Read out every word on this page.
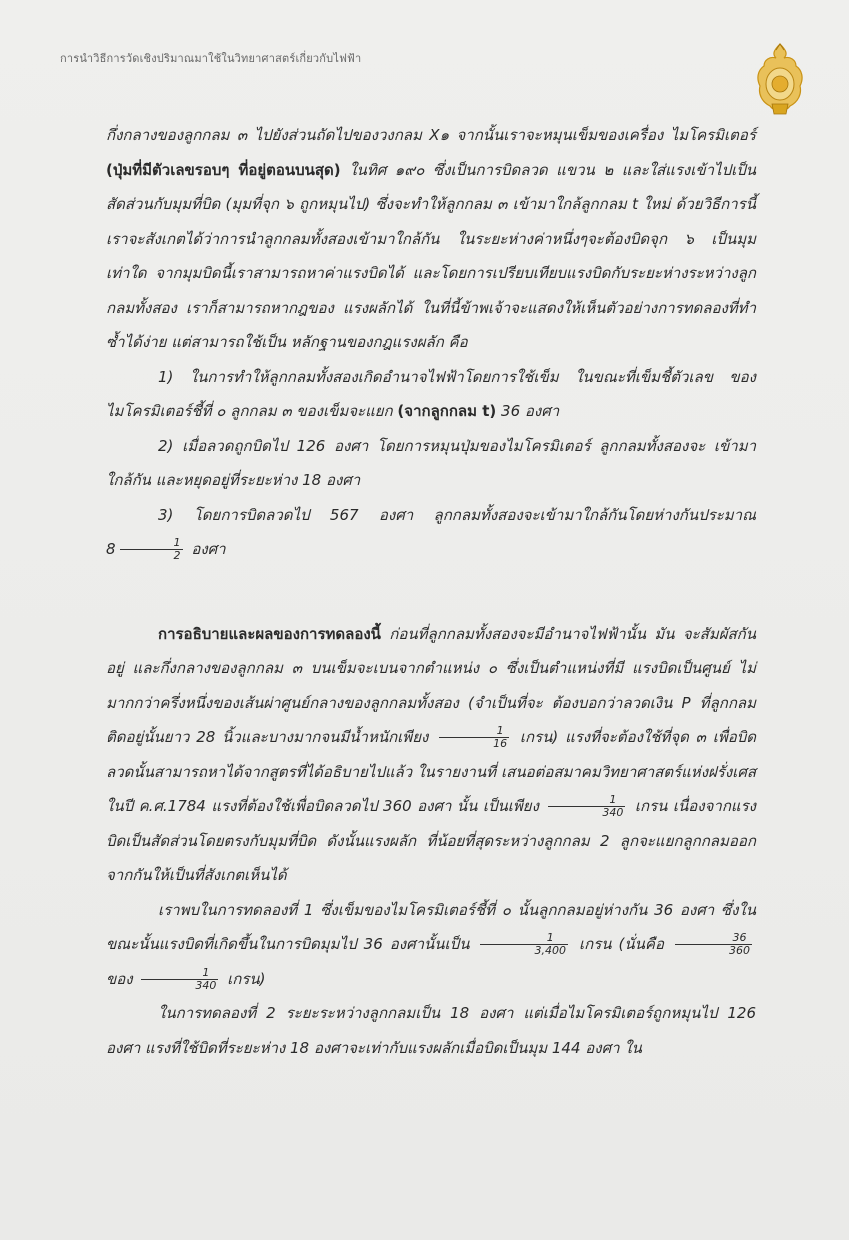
การนำวิธีการวัดเชิงปริมาณมาใช้ในวิทยาศาสตร์เกี่ยวกับไฟฟ้า

กึ่งกลางของลูกกลม ๓ ไปยังส่วนถัดไปของวงกลม X๑ จากนั้นเราจะหมุนเข็มของเครื่อง ไมโครมิเตอร์ (ปุ่มที่มีตัวเลขรอบๆ ที่อยู่ตอนบนสุด) ในทิศ ๑๙๐ ซึ่งเป็นการบิดลวด แขวน ๒ และใส่แรงเข้าไปเป็นสัดส่วนกับมุมที่บิด (มุมที่จุก ๖ ถูกหมุนไป) ซึ่งจะทำให้ลูกกลม ๓ เข้ามาใกล้ลูกกลม t ใหม่ ด้วยวิธีการนี้เราจะสังเกตได้ว่าการนำลูกกลมทั้งสองเข้ามาใกล้กัน ในระยะห่างค่าหนึ่งๆจะต้องบิดจุก ๖ เป็นมุมเท่าใด จากมุมบิดนี้เราสามารถหาค่าแรงบิดได้ และโดยการเปรียบเทียบแรงบิดกับระยะห่างระหว่างลูกกลมทั้งสอง เราก็สามารถหากฎของ แรงผลักได้ ในที่นี้ข้าพเจ้าจะแสดงให้เห็นตัวอย่างการทดลองที่ทำซ้ำได้ง่าย แต่สามารถใช้เป็น หลักฐานของกฎแรงผลัก คือ

1) ในการทำให้ลูกกลมทั้งสองเกิดอำนาจไฟฟ้าโดยการใช้เข็ม ในขณะที่เข็มชี้ตัวเลข ของไมโครมิเตอร์ชี้ที่ ๐ ลูกกลม ๓ ของเข็มจะแยก (จากลูกกลม t) 36 องศา

2) เมื่อลวดถูกบิดไป 126 องศา โดยการหมุนปุ่มของไมโครมิเตอร์ ลูกกลมทั้งสองจะ เข้ามาใกล้กัน และหยุดอยู่ที่ระยะห่าง 18 องศา

3) โดยการบิดลวดไป 567 องศา ลูกกลมทั้งสองจะเข้ามาใกล้กันโดยห่างกันประมาณ $8 \frac{1}{2}$ องศา

การอธิบายและผลของการทดลองนี้ ก่อนที่ลูกกลมทั้งสองจะมีอำนาจไฟฟ้านั้น มัน จะสัมผัสกันอยู่ และกึ่งกลางของลูกกลม ๓ บนเข็มจะเบนจากตำแหน่ง ๐ ซึ่งเป็นตำแหน่งที่มี แรงบิดเป็นศูนย์ ไม่มากกว่าครึ่งหนึ่งของเส้นผ่าศูนย์กลางของลูกกลมทั้งสอง (จำเป็นที่จะ ต้องบอกว่าลวดเงิน P ที่ลูกกลมติดอยู่นั้นยาว 28 นิ้วและบางมากจนมีน้ำหนักเพียง $\frac{1}{16}$ เกรน) แรงที่จะต้องใช้ที่จุด ๓ เพื่อบิดลวดนั้นสามารถหาได้จากสูตรที่ได้อธิบายไปแล้ว ในรายงานที่ เสนอต่อสมาคมวิทยาศาสตร์แห่งฝรั่งเศสในปี ค.ศ.1784 แรงที่ต้องใช้เพื่อบิดลวดไป 360 องศา นั้น เป็นเพียง $\frac{1}{340}$ เกรน เนื่องจากแรงบิดเป็นสัดส่วนโดยตรงกับมุมที่บิด ดังนั้นแรงผลัก ที่น้อยที่สุดระหว่างลูกกลม 2 ลูกจะแยกลูกกลมออกจากกันให้เป็นที่สังเกตเห็นได้

เราพบในการทดลองที่ 1 ซึ่งเข็มของไมโครมิเตอร์ชี้ที่ ๐ นั้นลูกกลมอยู่ห่างกัน 36 องศา ซึ่งในขณะนั้นแรงบิดที่เกิดขึ้นในการบิดมุมไป 36 องศานั้นเป็น $\frac{1}{3,400}$ เกรน (นั่นคือ $\frac{36}{360}$
ของ $\frac{1}{340}$ เกรน)

ในการทดลองที่ 2 ระยะระหว่างลูกกลมเป็น 18 องศา แต่เมื่อไมโครมิเตอร์ถูกหมุนไป 126 องศา แรงที่ใช้บิดที่ระยะห่าง 18 องศาจะเท่ากับแรงผลักเมื่อบิดเป็นมุม 144 องศา ใน
